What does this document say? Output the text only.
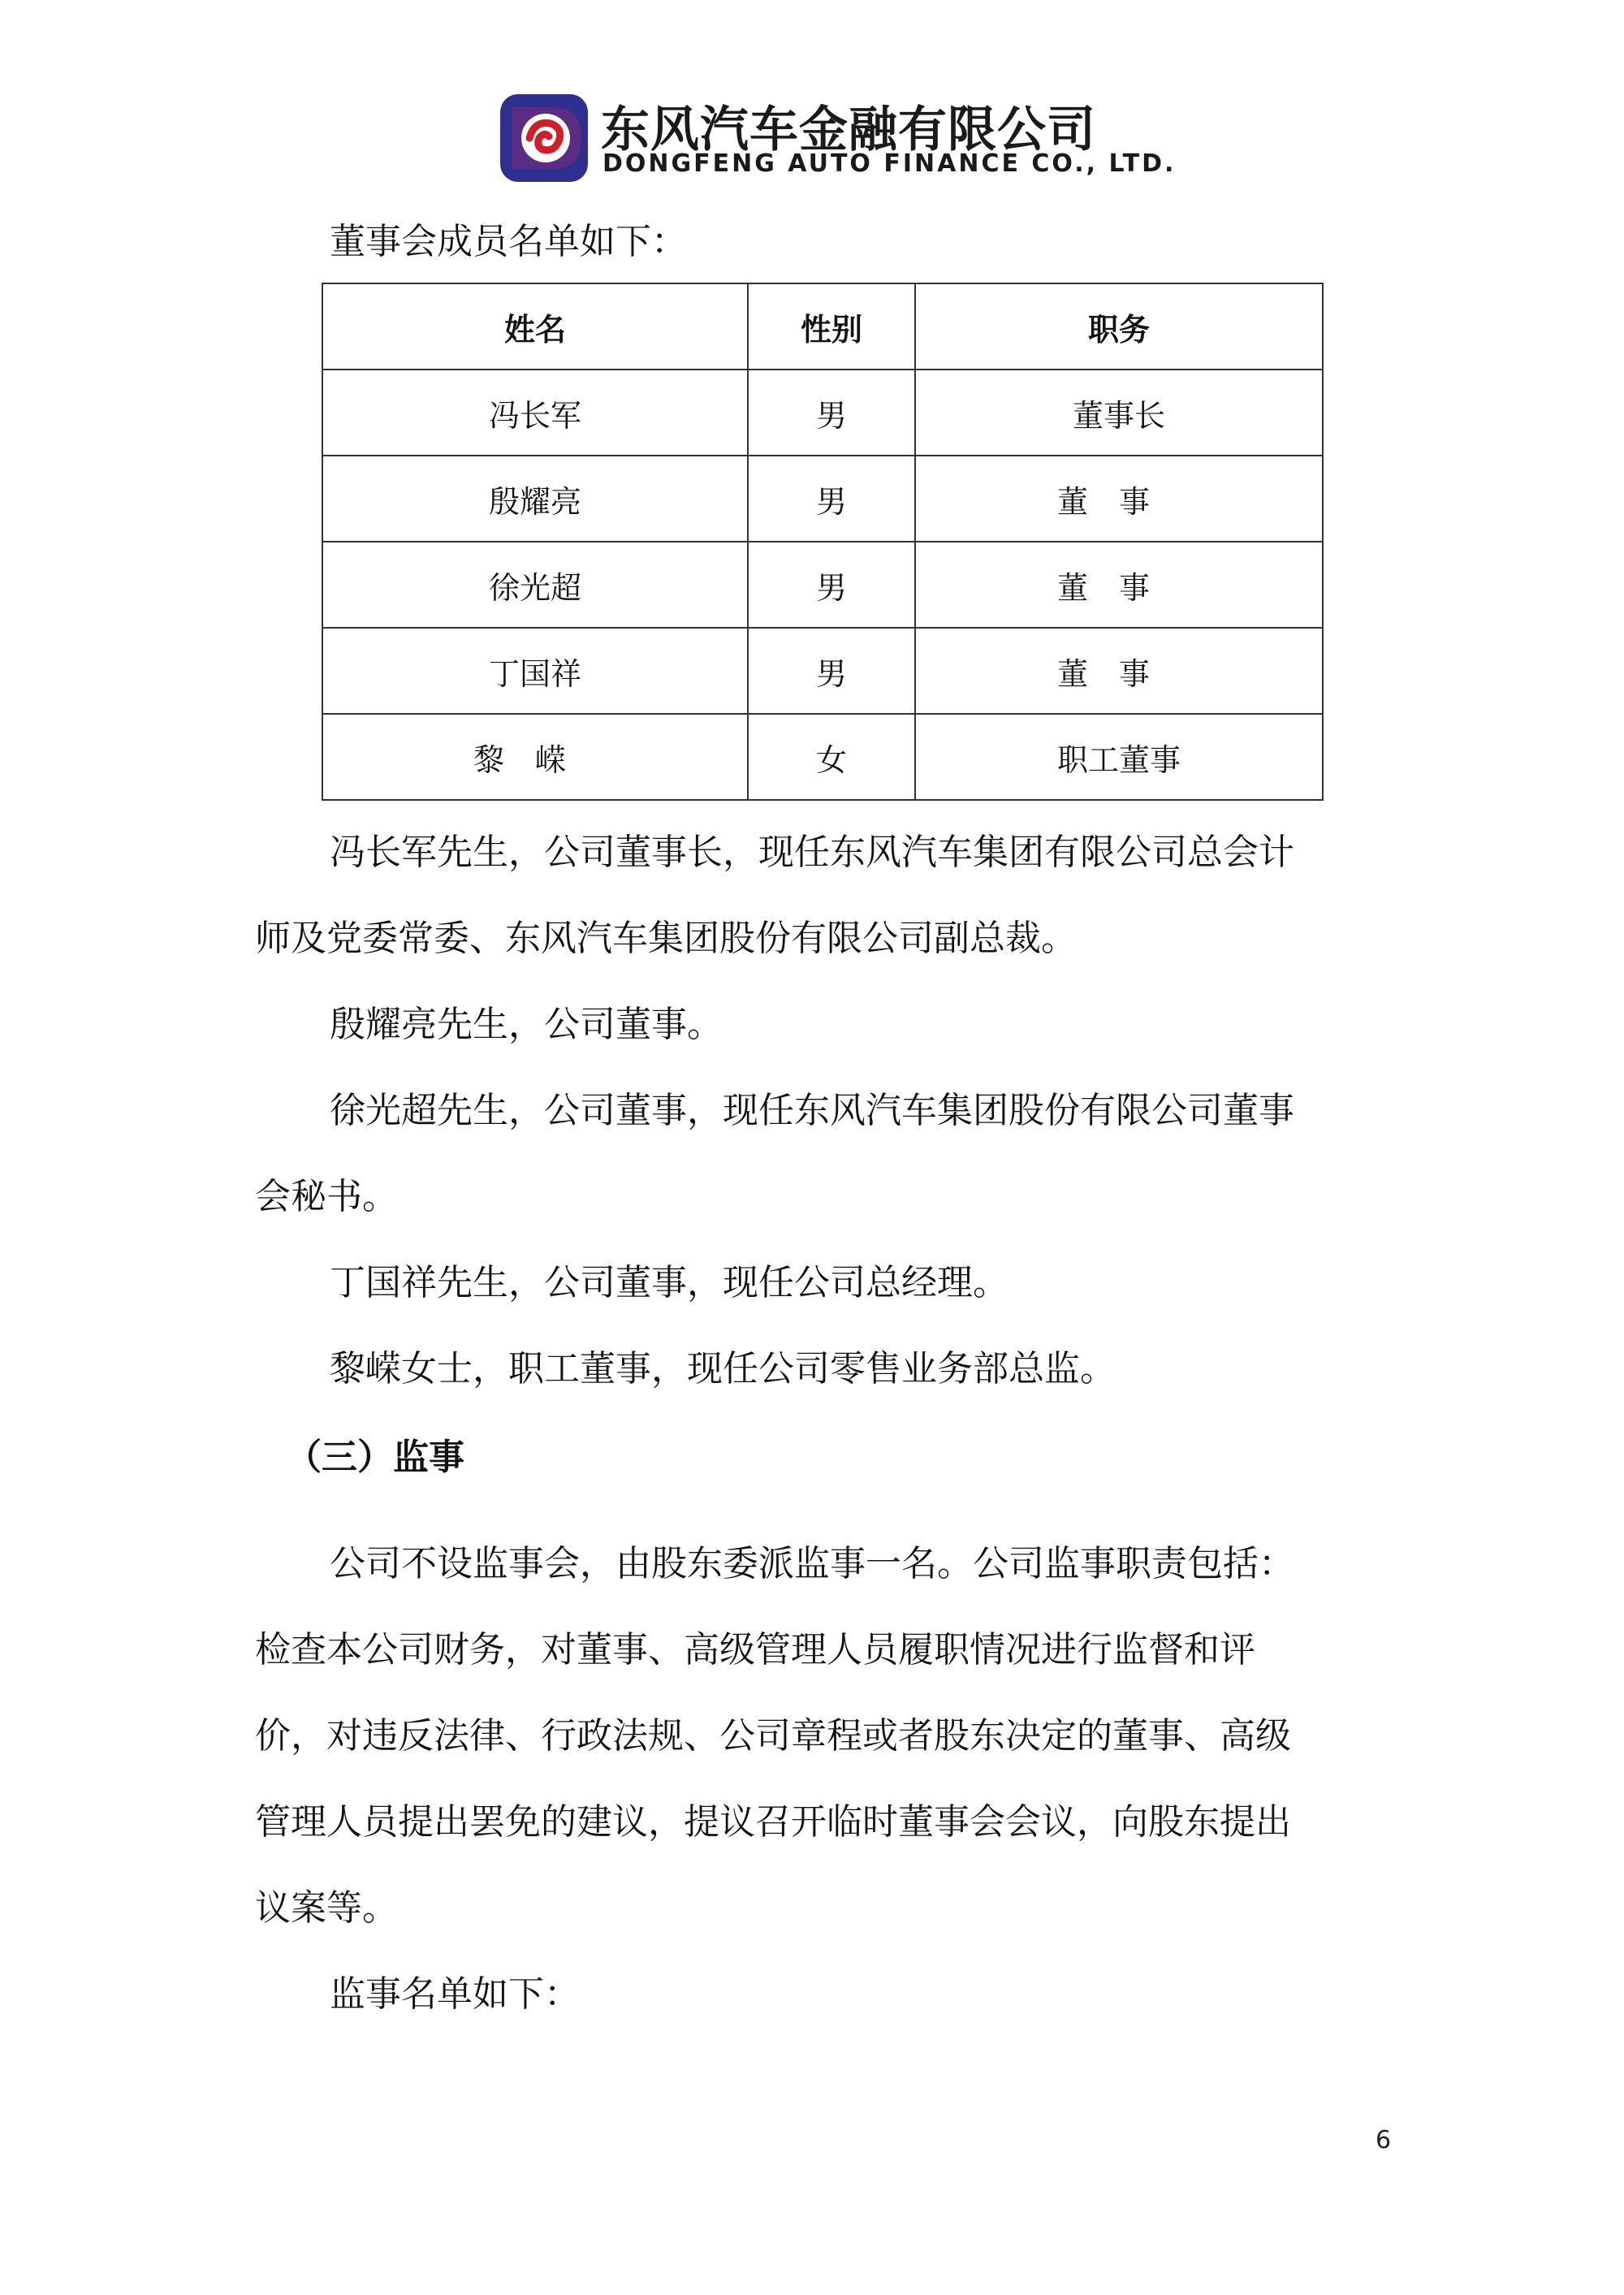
东风汽车金融有限公司
DONGFENG AUTO FINANCE CO., LTD.
董事会成员名单如下：
姓名	性别	职务
冯长军	男	董事长
殷耀亮	男	董事
徐光超	男	董事
丁国祥	男	董事
黎嵘	女	职工董事
冯长军先生，公司董事长，现任东风汽车集团有限公司总会计
师及党委常委、东风汽车集团股份有限公司副总裁。
殷耀亮先生，公司董事。
徐光超先生，公司董事，现任东风汽车集团股份有限公司董事
会秘书。
丁国祥先生，公司董事，现任公司总经理。
黎嵘女士，职工董事，现任公司零售业务部总监。
（三）监事
公司不设监事会，由股东委派监事一名。公司监事职责包括：
检查本公司财务，对董事、高级管理人员履职情况进行监督和评
价，对违反法律、行政法规、公司章程或者股东决定的董事、高级
管理人员提出罢免的建议，提议召开临时董事会会议，向股东提出
议案等。
监事名单如下：
6
